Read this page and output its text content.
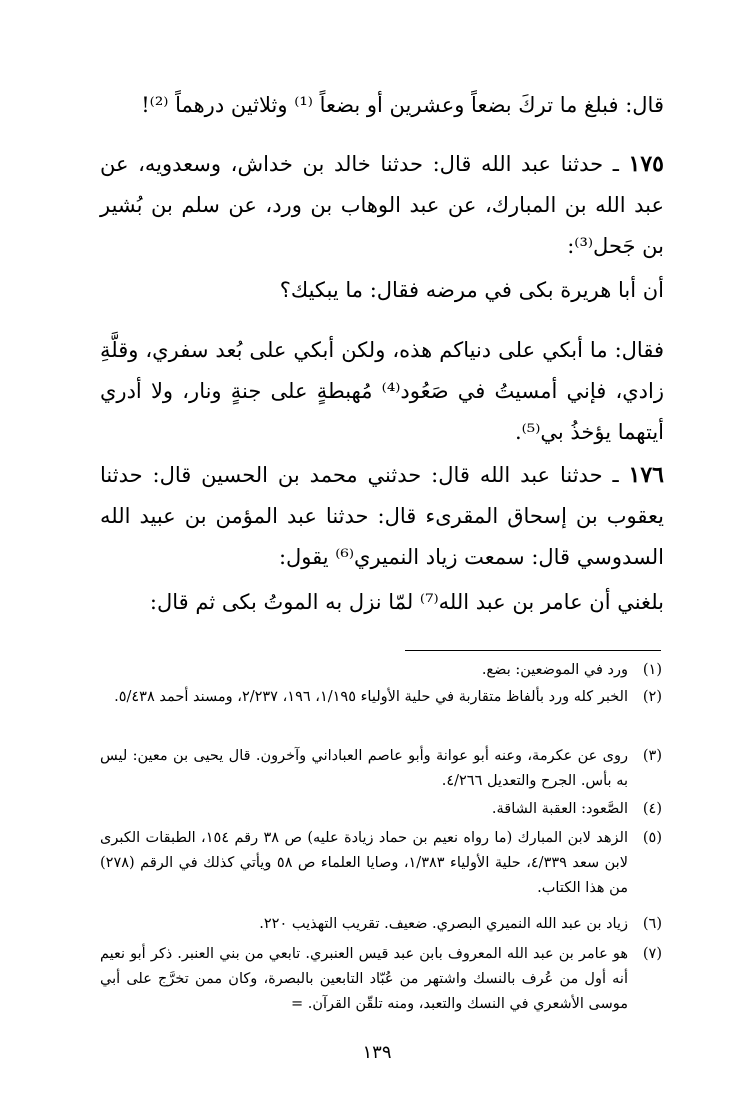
قال: فبلغ ما تركَ بضعاً وعشرين أو بضعاً ⁽¹⁾ وثلاثين درهماً ⁽²⁾!

١٧٥ ـ حدثنا عبد الله قال: حدثنا خالد بن خداش، وسعدويه، عن عبد الله بن المبارك، عن عبد الوهاب بن ورد، عن سلم بن بُشير بن جَحل⁽³⁾:

أن أبا هريرة بكى في مرضه فقال: ما يبكيك؟

فقال: ما أبكي على دنياكم هذه، ولكن أبكي على بُعد سفري، وقلَّةِ زادي، فإني أمسيتُ في صَعُود⁽⁴⁾ مُهبطةٍ على جنةٍ ونار، ولا أدري أيتهما يؤخذُ بي⁽⁵⁾.

١٧٦ ـ حدثنا عبد الله قال: حدثني محمد بن الحسين قال: حدثنا يعقوب بن إسحاق المقرىء قال: حدثنا عبد المؤمن بن عبيد الله السدوسي قال: سمعت زياد النميري⁽⁶⁾ يقول:

بلغني أن عامر بن عبد الله⁽⁷⁾ لمّا نزل به الموتُ بكى ثم قال:

(١)
ورد في الموضعين: بضع.
(٢)
الخبر كله ورد بألفاظ متقاربة في حلية الأولياء ١/١٩٥، ١٩٦، ٢/٢٣٧، ومسند أحمد ٥/٤٣٨.
(٣)
روى عن عكرمة، وعنه أبو عوانة وأبو عاصم العباداني وآخرون. قال يحيى بن معين: ليس به بأس. الجرح والتعديل ٤/٢٦٦.
(٤)
الصَّعود: العقبة الشاقة.
(٥)
الزهد لابن المبارك (ما رواه نعيم بن حماد زيادة عليه) ص ٣٨ رقم ١٥٤، الطبقات الكبرى لابن سعد ٤/٣٣٩، حلية الأولياء ١/٣٨٣، وصايا العلماء ص ٥٨ ويأتي كذلك في الرقم (٢٧٨) من هذا الكتاب.
(٦)
زياد بن عبد الله النميري البصري. ضعيف. تقريب التهذيب ٢٢٠.
(٧)
هو عامر بن عبد الله المعروف بابن عبد قيس العنبري. تابعي من بني العنبر. ذكر أبو نعيم أنه أول من عُرف بالنسك واشتهر من عُبّاد التابعين بالبصرة، وكان ممن تخرَّج على أبي موسى الأشعري في النسك والتعبد، ومنه تلقّن القرآن. =
١٣٩
